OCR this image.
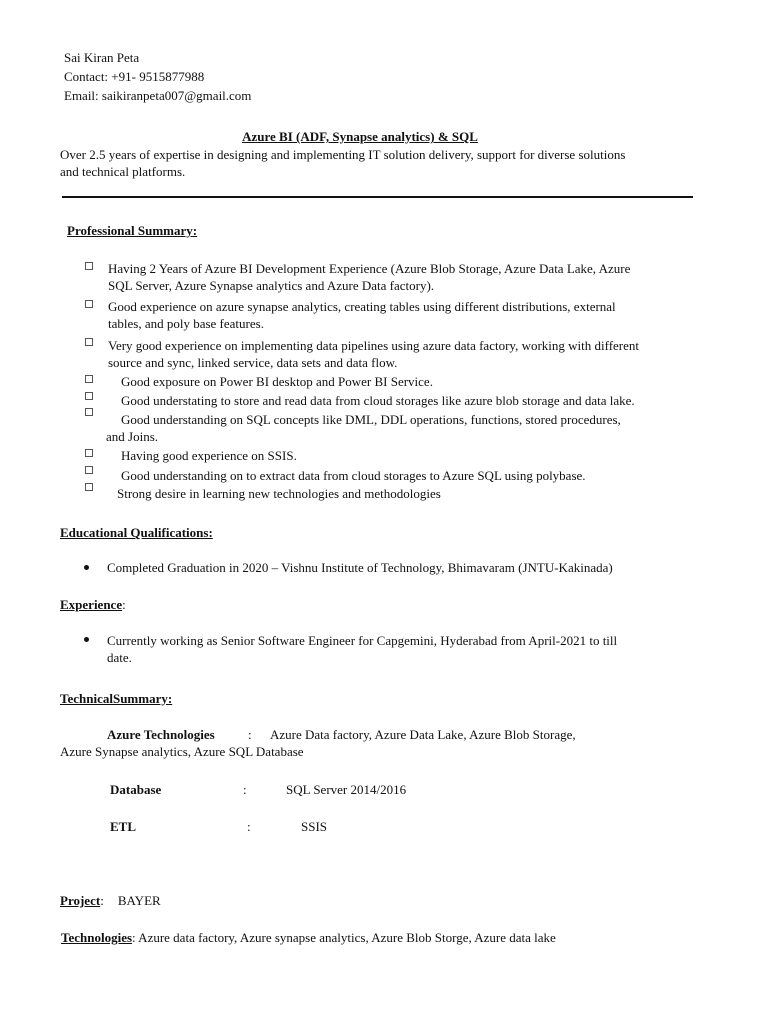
Sai Kiran Peta
Contact: +91- 9515877988
Email: saikiranpeta007@gmail.com
Azure BI (ADF, Synapse analytics) & SQL
Over 2.5 years of expertise in designing and implementing IT solution delivery, support for diverse solutions
and technical platforms.
Professional Summary:
Having 2 Years of Azure BI Development Experience (Azure Blob Storage, Azure Data Lake, Azure
SQL Server, Azure Synapse analytics and Azure Data factory).
Good experience on azure synapse analytics, creating tables using different distributions, external
tables, and poly base features.
Very good experience on implementing data pipelines using azure data factory, working with different
source and sync, linked service, data sets and data flow.
Good exposure on Power BI desktop and Power BI Service.
Good understating to store and read data from cloud storages like azure blob storage and data lake.
Good understanding on SQL concepts like DML, DDL operations, functions, stored procedures,
and Joins.
Having good experience on SSIS.
Good understanding on to extract data from cloud storages to Azure SQL using polybase.
Strong desire in learning new technologies and methodologies
Educational Qualifications:
Completed Graduation in 2020 – Vishnu Institute of Technology, Bhimavaram (JNTU-Kakinada)
Experience:
Currently working as Senior Software Engineer for Capgemini, Hyderabad from April-2021 to till
date.
TechnicalSummary:
Azure Technologies	: Azure Data factory, Azure Data Lake, Azure Blob Storage,
Azure Synapse analytics, Azure SQL Database
Database	:	SQL Server 2014/2016
ETL	:	SSIS
Project: BAYER
Technologies: Azure data factory, Azure synapse analytics, Azure Blob Storge, Azure data lake
